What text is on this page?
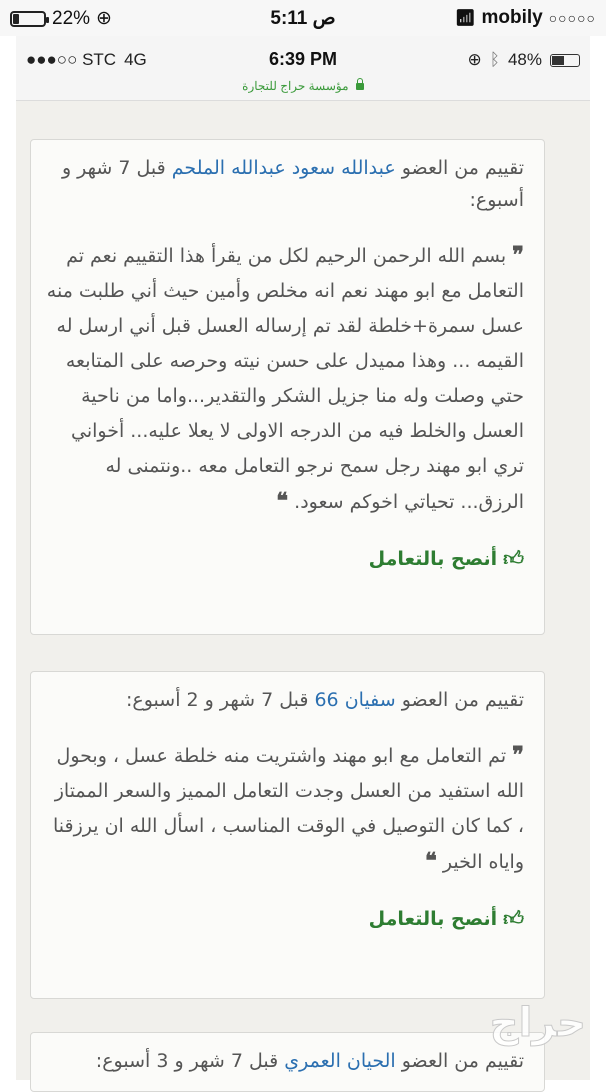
22% ⊕	5:11 ص	📶︎ mobily ○○○○○
●●●○○ STC 4G	6:39 PM	⊕ ᛒ 48%
مؤسسة حراج للتجارة
تقييم من العضو عبدالله سعود عبدالله الملحم قبل 7 شهر و أسبوع:
❞ بسم الله الرحمن الرحيم لكل من يقرأ هذا التقييم نعم تم التعامل مع ابو مهند نعم انه مخلص وأمين حيث أني طلبت منه عسل سمرة+خلطة لقد تم إرساله العسل قبل أني ارسل له القيمه ... وهذا مميدل على حسن نيته وحرصه على المتابعه حتي وصلت وله منا جزيل الشكر والتقدير...واما من ناحية العسل والخلط فيه من الدرجه الاولى لا يعلا عليه... أخواني تري ابو مهند رجل سمح نرجو التعامل معه ..ونتمنى له الرزق... تحياتي اخوكم سعود. ❝
👍︎
أنصح بالتعامل
تقييم من العضو سفيان 66 قبل 7 شهر و 2 أسبوع:
❞ تم التعامل مع ابو مهند واشتريت منه خلطة عسل ، وبحول الله استفيد من العسل وجدت التعامل المميز والسعر الممتاز ، كما كان التوصيل في الوقت المناسب ، اسأل الله ان يرزقنا واياه الخير ❝
👍︎
أنصح بالتعامل
تقييم من العضو الحيان العمري قبل 7 شهر و 3 أسبوع:
حراج
